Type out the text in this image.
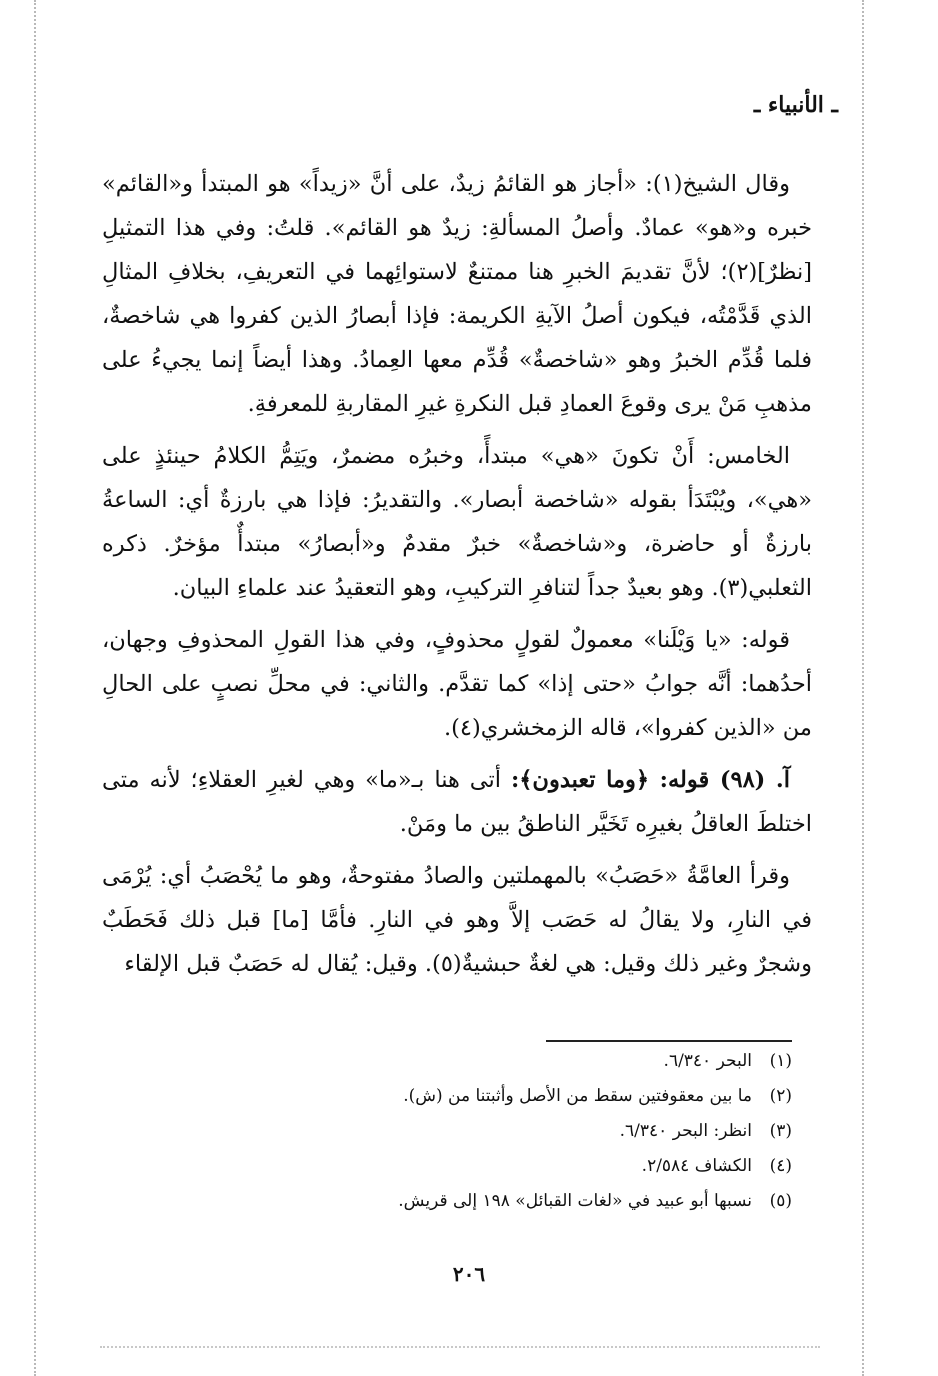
ـ الأنبياء ـ

وقال الشيخ(١): «أجاز هو القائمُ زيدٌ، على أنَّ «زيداً» هو المبتدأ و«القائم» خبره و«هو» عمادٌ. وأصلُ المسألةِ: زيدٌ هو القائم». قلتُ: وفي هذا التمثيلِ [نظرٌ](٢)؛ لأنَّ تقديمَ الخبرِ هنا ممتنعٌ لاستوائِهما في التعريفِ، بخلافِ المثالِ الذي قَدَّمْتُه، فيكون أصلُ الآيةِ الكريمة: فإذا أبصارُ الذين كفروا هي شاخصةٌ، فلما قُدِّم الخبرُ وهو «شاخصةٌ» قُدِّم معها العِمادُ. وهذا أيضاً إنما يجيءُ على مذهبِ مَنْ يرى وقوعَ العمادِ قبل النكرةِ غيرِ المقاربةِ للمعرفةِ.

الخامس: أَنْ تكونَ «هي» مبتدأً، وخبرُه مضمرٌ، ويَتِمُّ الكلامُ حينئذٍ على «هي»، ويُبْتَدَأ بقوله «شاخصة أبصار». والتقديرُ: فإذا هي بارزةٌ أي: الساعةُ بارزةٌ أو حاضرة، و«شاخصةٌ» خبرٌ مقدمٌ و«أبصارُ» مبتدأٌ مؤخرٌ. ذكره الثعلبي(٣). وهو بعيدٌ جداً لتنافرِ التركيبِ، وهو التعقيدُ عند علماءِ البيان.

قوله: «يا وَيْلَنا» معمولٌ لقولٍ محذوفٍ، وفي هذا القولِ المحذوفِ وجهان، أحدُهما: أنَّه جوابُ «حتى إذا» كما تقدَّم. والثاني: في محلِّ نصبٍ على الحالِ من «الذين كفروا»، قاله الزمخشري(٤).

آ. (٩٨) قوله: ﴿وما تعبدون﴾: أتى هنا بـ«ما» وهي لغيرِ العقلاءِ؛ لأنه متى اختلطَ العاقلُ بغيرِه تَخَيَّر الناطقُ بين ما ومَنْ.

وقرأ العامَّةُ «حَصَبُ» بالمهملتين والصادُ مفتوحةٌ، وهو ما يُحْصَبُ أي: يُرْمَى في النارِ، ولا يقالُ له حَصَب إلاَّ وهو في النارِ. فأمَّا [ما] قبل ذلك فَحَطَبٌ وشجرٌ وغير ذلك وقيل: هي لغةٌ حبشيةٌ(٥). وقيل: يُقال له حَصَبٌ قبل الإلقاء

(١)
البحر ٦/٣٤٠.
(٢)
ما بين معقوفتين سقط من الأصل وأثبتنا من (ش).
(٣)
انظر: البحر ٦/٣٤٠.
(٤)
الكشاف ٢/٥٨٤.
(٥)
نسبها أبو عبيد في «لغات القبائل» ١٩٨ إلى قريش.
٢٠٦
